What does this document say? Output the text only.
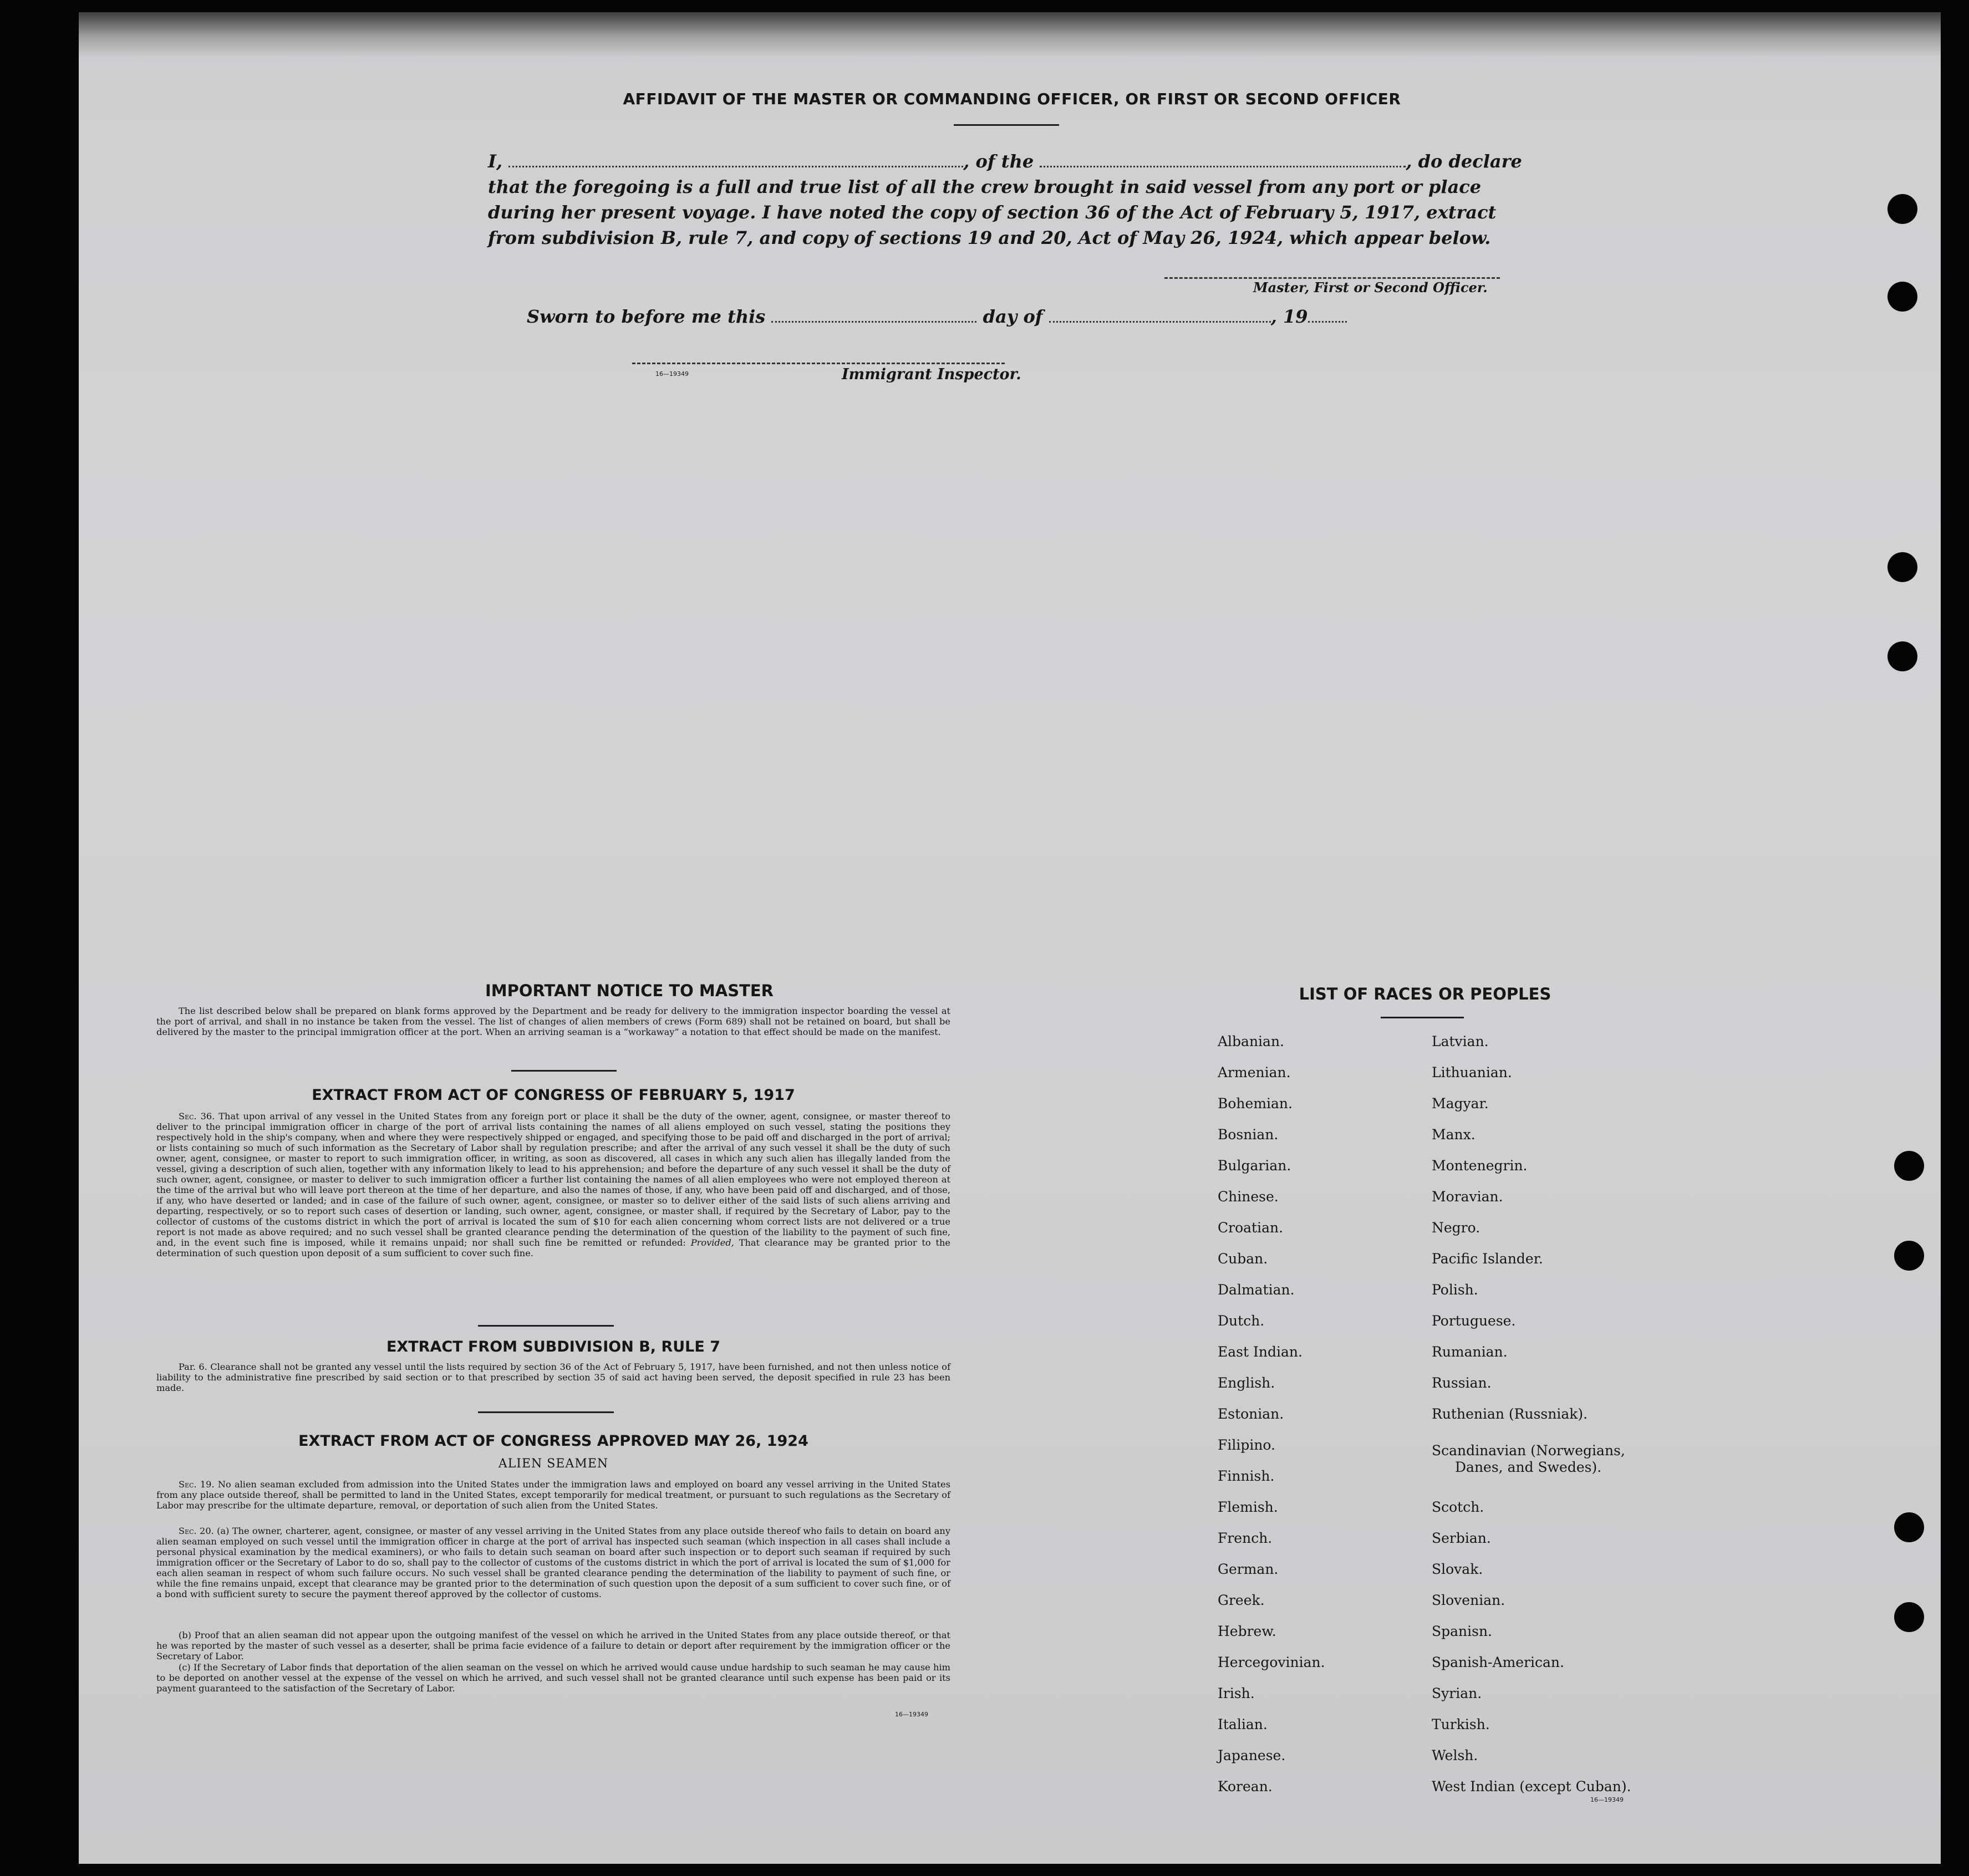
AFFIDAVIT OF THE MASTER OR COMMANDING OFFICER, OR FIRST OR SECOND OFFICER
I,	, of the	, do declare
that the foregoing is a full and true list of all the crew brought in said vessel from any port or place during her present voyage. I have noted the copy of section 36 of the Act of February 5, 1917, extract from subdivision B, rule 7, and copy of sections 19 and 20, Act of May 26, 1924, which appear below.
Master, First or Second Officer.
Sworn to before me this	day of	, 19
16—19349	Immigrant Inspector.
IMPORTANT NOTICE TO MASTER
The list described below shall be prepared on blank forms approved by the Department and be ready for delivery to the immigration inspector boarding the vessel at the port of arrival, and shall in no instance be taken from the vessel. The list of changes of alien members of crews (Form 689) shall not be retained on board, but shall be delivered by the master to the principal immigration officer at the port. When an arriving seaman is a “workaway” a notation to that effect should be made on the manifest.
EXTRACT FROM ACT OF CONGRESS OF FEBRUARY 5, 1917
Sec. 36. That upon arrival of any vessel in the United States from any foreign port or place it shall be the duty of the owner, agent, consignee, or master thereof to deliver to the principal immigration officer in charge of the port of arrival lists containing the names of all aliens employed on such vessel, stating the positions they respectively hold in the ship's company, when and where they were respectively shipped or engaged, and specifying those to be paid off and discharged in the port of arrival; or lists containing so much of such information as the Secretary of Labor shall by regulation prescribe; and after the arrival of any such vessel it shall be the duty of such owner, agent, consignee, or master to report to such immigration officer, in writing, as soon as discovered, all cases in which any such alien has illegally landed from the vessel, giving a description of such alien, together with any information likely to lead to his apprehension; and before the departure of any such vessel it shall be the duty of such owner, agent, consignee, or master to deliver to such immigration officer a further list containing the names of all alien employees who were not employed thereon at the time of the arrival but who will leave port thereon at the time of her departure, and also the names of those, if any, who have been paid off and discharged, and of those, if any, who have deserted or landed; and in case of the failure of such owner, agent, consignee, or master so to deliver either of the said lists of such aliens arriving and departing, respectively, or so to report such cases of desertion or landing, such owner, agent, consignee, or master shall, if required by the Secretary of Labor, pay to the collector of customs of the customs district in which the port of arrival is located the sum of $10 for each alien concerning whom correct lists are not delivered or a true report is not made as above required; and no such vessel shall be granted clearance pending the determination of the question of the liability to the payment of such fine, and, in the event such fine is imposed, while it remains unpaid; nor shall such fine be remitted or refunded: Provided, That clearance may be granted prior to the determination of such question upon deposit of a sum sufficient to cover such fine.
EXTRACT FROM SUBDIVISION B, RULE 7
Par. 6. Clearance shall not be granted any vessel until the lists required by section 36 of the Act of February 5, 1917, have been furnished, and not then unless notice of liability to the administrative fine prescribed by said section or to that prescribed by section 35 of said act having been served, the deposit specified in rule 23 has been made.
EXTRACT FROM ACT OF CONGRESS APPROVED MAY 26, 1924
ALIEN SEAMEN
Sec. 19. No alien seaman excluded from admission into the United States under the immigration laws and employed on board any vessel arriving in the United States from any place outside thereof, shall be permitted to land in the United States, except temporarily for medical treatment, or pursuant to such regulations as the Secretary of Labor may prescribe for the ultimate departure, removal, or deportation of such alien from the United States.
Sec. 20. (a) The owner, charterer, agent, consignee, or master of any vessel arriving in the United States from any place outside thereof who fails to detain on board any alien seaman employed on such vessel until the immigration officer in charge at the port of arrival has inspected such seaman (which inspection in all cases shall include a personal physical examination by the medical examiners), or who fails to detain such seaman on board after such inspection or to deport such seaman if required by such immigration officer or the Secretary of Labor to do so, shall pay to the collector of customs of the customs district in which the port of arrival is located the sum of $1,000 for each alien seaman in respect of whom such failure occurs. No such vessel shall be granted clearance pending the determination of the liability to payment of such fine, or while the fine remains unpaid, except that clearance may be granted prior to the determination of such question upon the deposit of a sum sufficient to cover such fine, or of a bond with sufficient surety to secure the payment thereof approved by the collector of customs.
(b) Proof that an alien seaman did not appear upon the outgoing manifest of the vessel on which he arrived in the United States from any place outside thereof, or that he was reported by the master of such vessel as a deserter, shall be prima facie evidence of a failure to detain or deport after requirement by the immigration officer or the Secretary of Labor.
(c) If the Secretary of Labor finds that deportation of the alien seaman on the vessel on which he arrived would cause undue hardship to such seaman he may cause him to be deported on another vessel at the expense of the vessel on which he arrived, and such vessel shall not be granted clearance until such expense has been paid or its payment guaranteed to the satisfaction of the Secretary of Labor.
16—19349
LIST OF RACES OR PEOPLES
Albanian.
Armenian.
Bohemian.
Bosnian.
Bulgarian.
Chinese.
Croatian.
Cuban.
Dalmatian.
Dutch.
East Indian.
English.
Estonian.
Filipino.
Finnish.
Flemish.
French.
German.
Greek.
Hebrew.
Hercegovinian.
Irish.
Italian.
Japanese.
Korean.
Latvian.
Lithuanian.
Magyar.
Manx.
Montenegrin.
Moravian.
Negro.
Pacific Islander.
Polish.
Portuguese.
Rumanian.
Russian.
Ruthenian (Russniak).
Scandinavian (Norwegians,
Danes, and Swedes).
Scotch.
Serbian.
Slovak.
Slovenian.
Spanisn.
Spanish-American.
Syrian.
Turkish.
Welsh.
West Indian (except Cuban).
16—19349
